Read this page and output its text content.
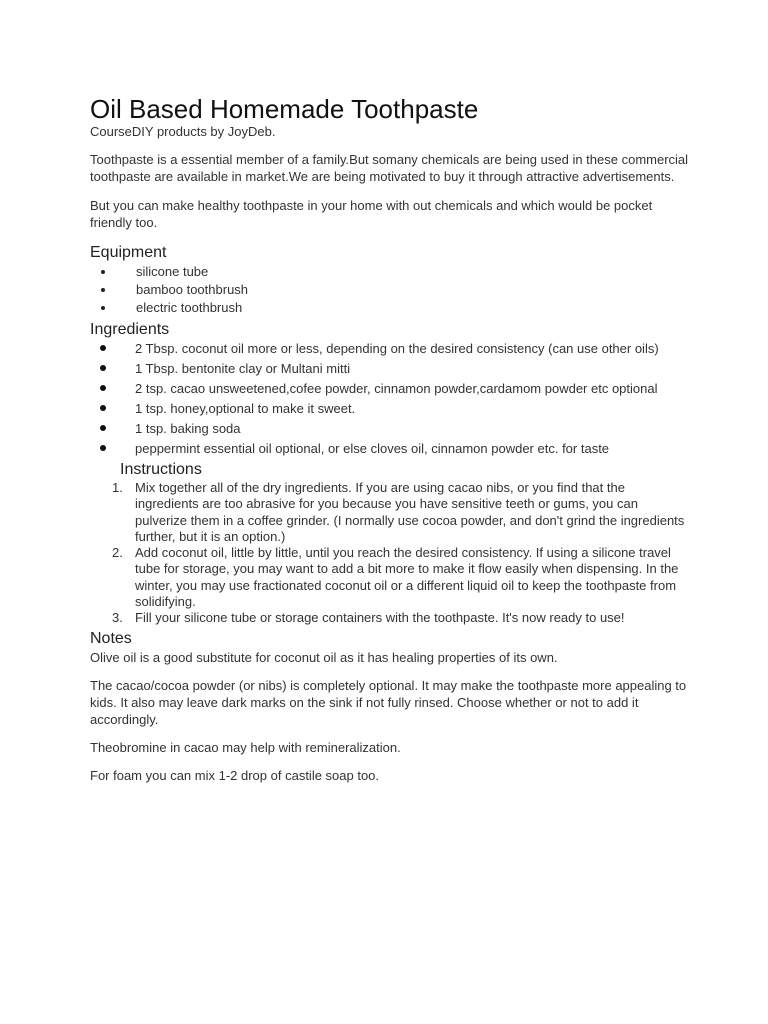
Oil Based Homemade Toothpaste
CourseDIY products by JoyDeb.

Toothpaste is a essential member of a family.But somany chemicals are being used in these commercial toothpaste are available in market.We are being motivated to buy it through attractive advertisements.

But you can make healthy toothpaste in your home with out chemicals and which would be pocket friendly too.

Equipment
silicone tube
bamboo toothbrush
electric toothbrush
Ingredients
2 Tbsp. coconut oil more or less, depending on the desired consistency (can use other oils)
1 Tbsp. bentonite clay or Multani mitti
2 tsp. cacao unsweetened,cofee powder, cinnamon powder,cardamom powder etc optional
1 tsp. honey,optional to make it sweet.
1 tsp. baking soda
peppermint essential oil optional, or else cloves oil, cinnamon powder etc. for taste
Instructions
1. Mix together all of the dry ingredients. If you are using cacao nibs, or you find that the ingredients are too abrasive for you because you have sensitive teeth or gums, you can pulverize them in a coffee grinder. (I normally use cocoa powder, and don't grind the ingredients further, but it is an option.)
2. Add coconut oil, little by little, until you reach the desired consistency. If using a silicone travel tube for storage, you may want to add a bit more to make it flow easily when dispensing. In the winter, you may use fractionated coconut oil or a different liquid oil to keep the toothpaste from solidifying.
3. Fill your silicone tube or storage containers with the toothpaste. It's now ready to use!
Notes

Olive oil is a good substitute for coconut oil as it has healing properties of its own.

The cacao/cocoa powder (or nibs) is completely optional. It may make the toothpaste more appealing to kids. It also may leave dark marks on the sink if not fully rinsed. Choose whether or not to add it accordingly.

Theobromine in cacao may help with remineralization.

For foam you can mix 1-2 drop of castile soap too.
